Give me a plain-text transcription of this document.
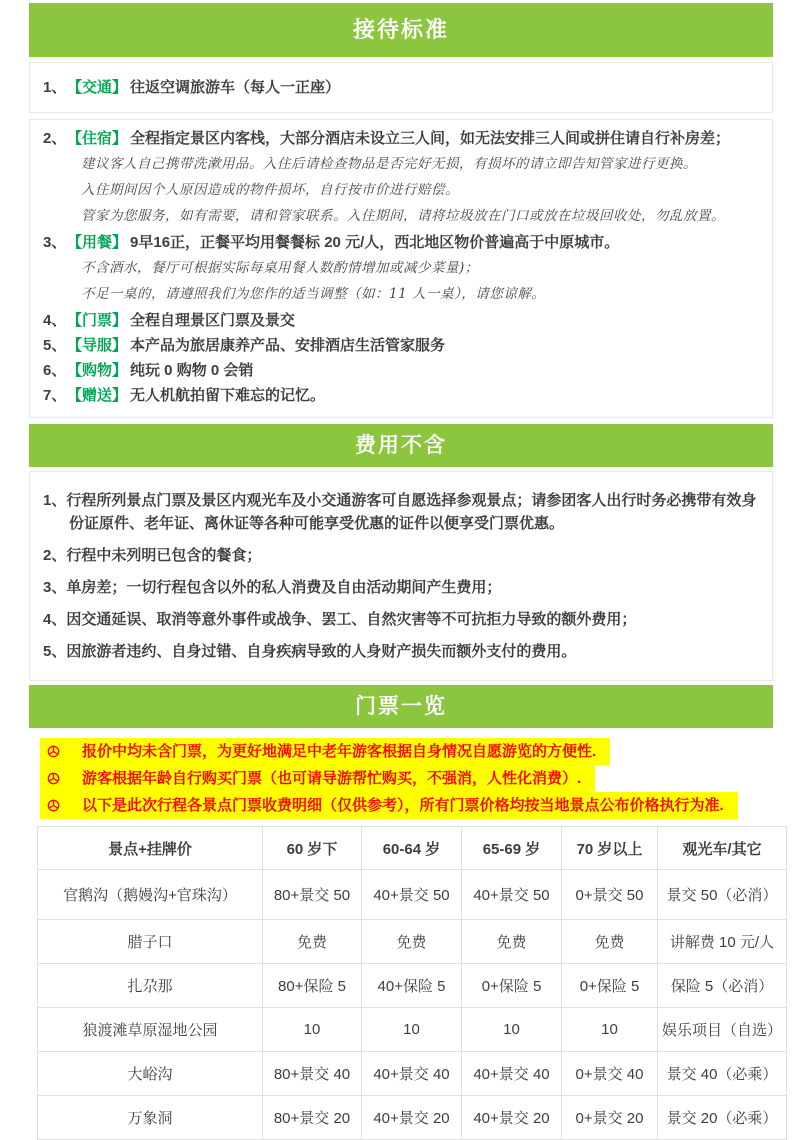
接待标准
1、【交通】 往返空调旅游车（每人一正座）
2、【住宿】 全程指定景区内客栈，大部分酒店未设立三人间，如无法安排三人间或拼住请自行补房差；
建议客人自己携带洗漱用品。入住后请检查物品是否完好无损，有损坏的请立即告知管家进行更换。
入住期间因个人原因造成的物件损坏，自行按市价进行赔偿。
管家为您服务，如有需要，请和管家联系。入住期间，请将垃圾放在门口或放在垃圾回收处，勿乱放置。
3、【用餐】 9早16正，正餐平均用餐餐标 20 元/人，西北地区物价普遍高于中原城市。
不含酒水，餐厅可根据实际每桌用餐人数酌情增加或减少菜量)；
不足一桌的，请遵照我们为您作的适当调整（如：11 人一桌），请您谅解。
4、【门票】 全程自理景区门票及景交
5、【导服】 本产品为旅居康养产品、安排酒店生活管家服务
6、【购物】 纯玩 0 购物 0 会销
7、【赠送】 无人机航拍留下难忘的记忆。
费用不含
1、行程所列景点门票及景区内观光车及小交通游客可自愿选择参观景点；请参团客人出行时务必携带有效身份证原件、老年证、离休证等各种可能享受优惠的证件以便享受门票优惠。
2、行程中未列明已包含的餐食；
3、单房差；一切行程包含以外的私人消费及自由活动期间产生费用；
4、因交通延误、取消等意外事件或战争、罢工、自然灾害等不可抗拒力导致的额外费用；
5、因旅游者违约、自身过错、自身疾病导致的人身财产损失而额外支付的费用。
门票一览
报价中均未含门票，为更好地满足中老年游客根据自身情况自愿游览的方便性.
游客根据年龄自行购买门票（也可请导游帮忙购买，不强消，人性化消费）.
以下是此次行程各景点门票收费明细（仅供参考），所有门票价格均按当地景点公布价格执行为准.
景点+挂牌价	60 岁下	60-64 岁	65-69 岁	70 岁以上	观光车/其它
官鹅沟（鹅嫚沟+官珠沟）	80+景交 50	40+景交 50	40+景交 50	0+景交 50	景交 50（必消）
腊子口	免费	免费	免费	免费	讲解费 10 元/人
扎尕那	80+保险 5	40+保险 5	0+保险 5	0+保险 5	保险 5（必消）
狼渡滩草原湿地公园	10	10	10	10	娱乐项目（自选）
大峪沟	80+景交 40	40+景交 40	40+景交 40	0+景交 40	景交 40（必乘）
万象洞	80+景交 20	40+景交 20	40+景交 20	0+景交 20	景交 20（必乘）
